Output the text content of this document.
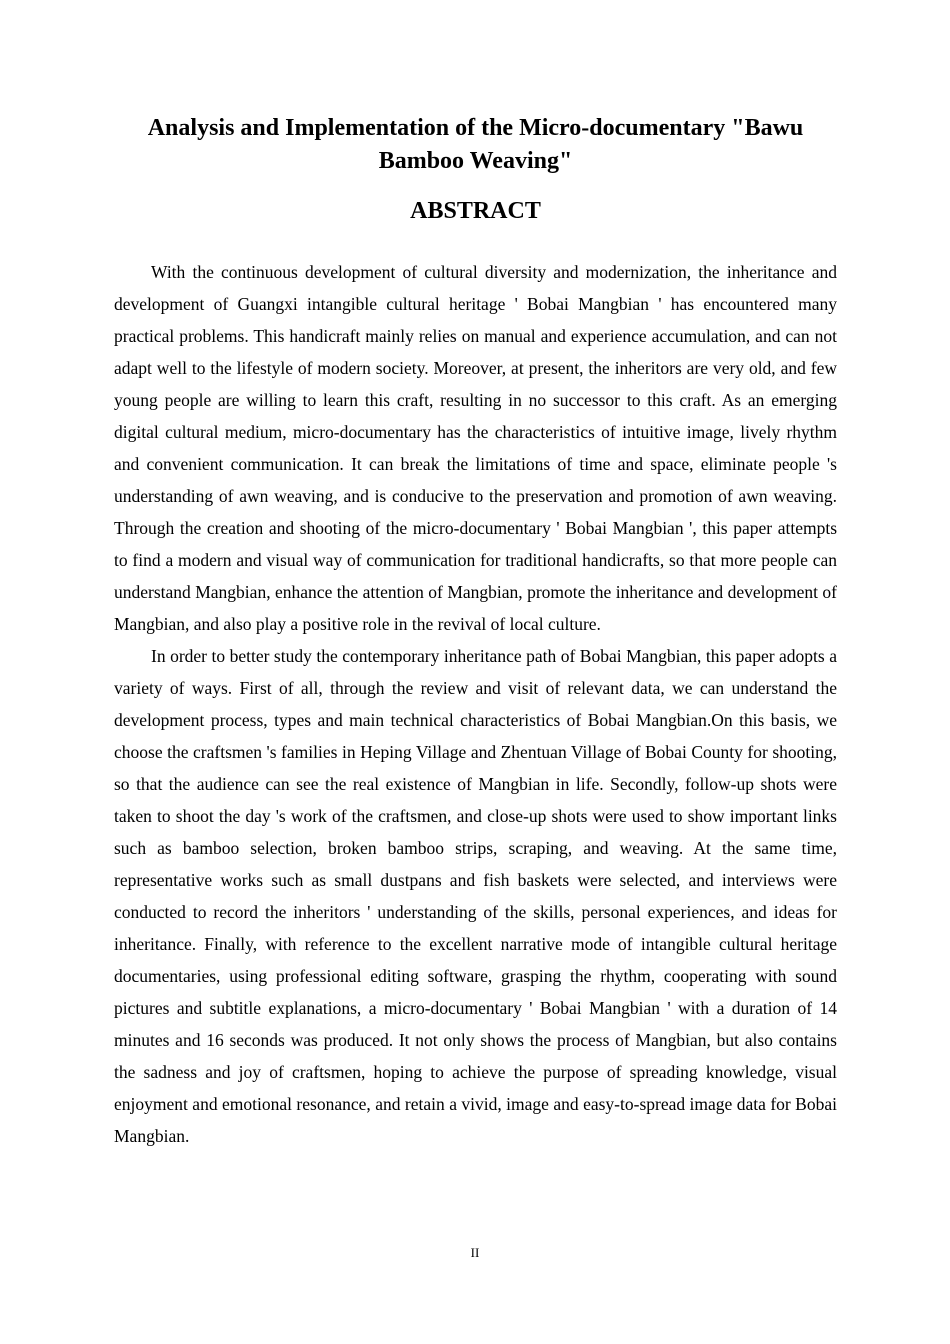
Analysis and Implementation of the Micro-documentary "Bawu Bamboo Weaving"
ABSTRACT

With the continuous development of cultural diversity and modernization, the inheritance and development of Guangxi intangible cultural heritage ' Bobai Mangbian ' has encountered many practical problems. This handicraft mainly relies on manual and experience accumulation, and can not adapt well to the lifestyle of modern society. Moreover, at present, the inheritors are very old, and few young people are willing to learn this craft, resulting in no successor to this craft. As an emerging digital cultural medium, micro-documentary has the characteristics of intuitive image, lively rhythm and convenient communication. It can break the limitations of time and space, eliminate people 's understanding of awn weaving, and is conducive to the preservation and promotion of awn weaving. Through the creation and shooting of the micro-documentary ' Bobai Mangbian ', this paper attempts to find a modern and visual way of communication for traditional handicrafts, so that more people can understand Mangbian, enhance the attention of Mangbian, promote the inheritance and development of Mangbian, and also play a positive role in the revival of local culture.

In order to better study the contemporary inheritance path of Bobai Mangbian, this paper adopts a variety of ways. First of all, through the review and visit of relevant data, we can understand the development process, types and main technical characteristics of Bobai Mangbian.On this basis, we choose the craftsmen 's families in Heping Village and Zhentuan Village of Bobai County for shooting, so that the audience can see the real existence of Mangbian in life. Secondly, follow-up shots were taken to shoot the day 's work of the craftsmen, and close-up shots were used to show important links such as bamboo selection, broken bamboo strips, scraping, and weaving. At the same time, representative works such as small dustpans and fish baskets were selected, and interviews were conducted to record the inheritors ' understanding of the skills, personal experiences, and ideas for inheritance. Finally, with reference to the excellent narrative mode of intangible cultural heritage documentaries, using professional editing software, grasping the rhythm, cooperating with sound pictures and subtitle explanations, a micro-documentary ' Bobai Mangbian ' with a duration of 14 minutes and 16 seconds was produced. It not only shows the process of Mangbian, but also contains the sadness and joy of craftsmen, hoping to achieve the purpose of spreading knowledge, visual enjoyment and emotional resonance, and retain a vivid, image and easy-to-spread image data for Bobai Mangbian.

II
